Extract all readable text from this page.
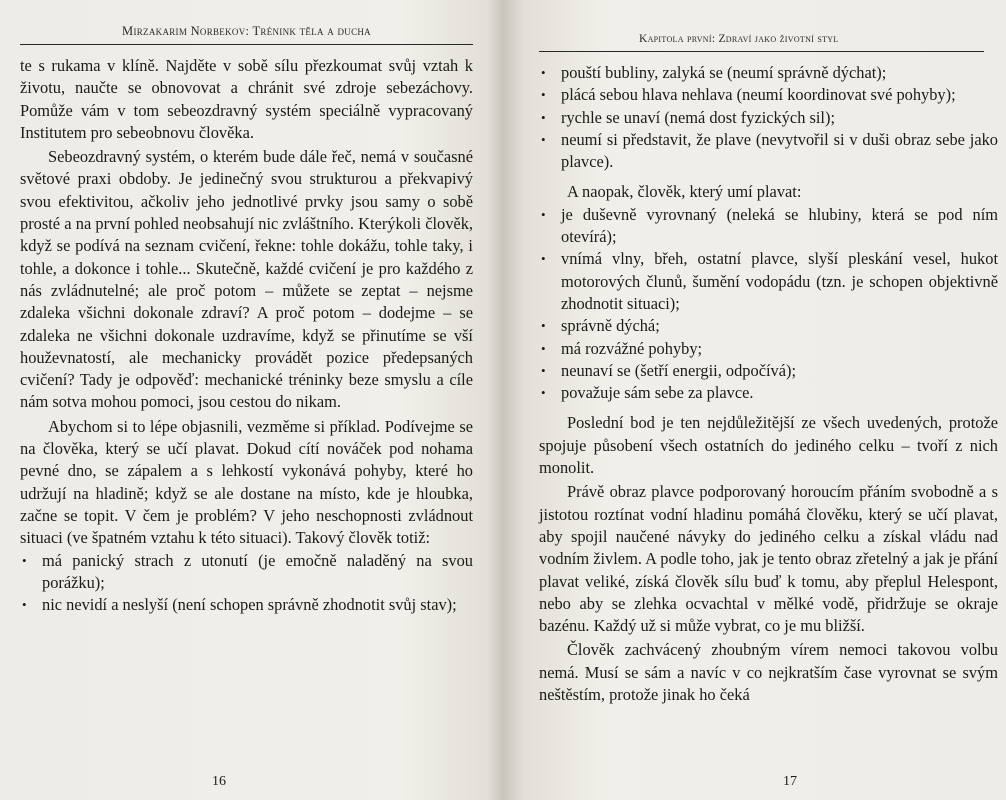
Mirzakarim Norbekov: Trénink těla a ducha

te s rukama v klíně. Najděte v sobě sílu přezkoumat svůj vztah k životu, naučte se obnovovat a chránit své zdroje sebezáchovy. Pomůže vám v tom sebeozdravný systém speciálně vypracovaný Institutem pro sebeobnovu člověka.

Sebeozdravný systém, o kterém bude dále řeč, nemá v současné světové praxi obdoby. Je jedinečný svou strukturou a překvapivý svou efektivitou, ačkoliv jeho jednotlivé prvky jsou samy o sobě prosté a na první pohled neobsahují nic zvláštního. Kterýkoli člověk, když se podívá na seznam cvičení, řekne: tohle dokážu, tohle taky, i tohle, a dokonce i tohle... Skutečně, každé cvičení je pro každého z nás zvládnutelné; ale proč potom – můžete se zeptat – nejsme zdaleka všichni dokonale zdraví? A proč potom – dodejme – se zdaleka ne všichni dokonale uzdravíme, když se přinutíme se vší houževnatostí, ale mechanicky provádět pozice předepsaných cvičení? Tady je odpověď: mechanické tréninky beze smyslu a cíle nám sotva mohou pomoci, jsou cestou do nikam.

Abychom si to lépe objasnili, vezměme si příklad. Podívejme se na člověka, který se učí plavat. Dokud cítí nováček pod nohama pevné dno, se zápalem a s lehkostí vykonává pohyby, které ho udržují na hladině; když se ale dostane na místo, kde je hloubka, začne se topit. V čem je problém? V jeho neschopnosti zvládnout situaci (ve špatném vztahu k této situaci). Takový člověk totiž:

• má panický strach z utonutí (je emočně naladěný na svou porážku);
• nic nevidí a neslyší (není schopen správně zhodnotit svůj stav);
16
Kapitola první: Zdraví jako životní styl
• pouští bubliny, zalyká se (neumí správně dýchat);
• plácá sebou hlava nehlava (neumí koordinovat své pohyby);
• rychle se unaví (nemá dost fyzických sil);
• neumí si představit, že plave (nevytvořil si v duši obraz sebe jako plavce).

A naopak, člověk, který umí plavat:

• je duševně vyrovnaný (neleká se hlubiny, která se pod ním otevírá);
• vnímá vlny, břeh, ostatní plavce, slyší pleskání vesel, hukot motorových člunů, šumění vodopádu (tzn. je schopen objektivně zhodnotit situaci);
• správně dýchá;
• má rozvážné pohyby;
• neunaví se (šetří energii, odpočívá);
• považuje sám sebe za plavce.

Poslední bod je ten nejdůležitější ze všech uvedených, protože spojuje působení všech ostatních do jediného celku – tvoří z nich monolit.

Právě obraz plavce podporovaný horoucím přáním svobodně a s jistotou roztínat vodní hladinu pomáhá člověku, který se učí plavat, aby spojil naučené návyky do jediného celku a získal vládu nad vodním živlem. A podle toho, jak je tento obraz zřetelný a jak je přání plavat veliké, získá člověk sílu buď k tomu, aby přeplul Helespont, nebo aby se zlehka ocvachtal v mělké vodě, přidržuje se okraje bazénu. Každý už si může vybrat, co je mu bližší.

Člověk zachvácený zhoubným vírem nemoci takovou volbu nemá. Musí se sám a navíc v co nejkratším čase vyrovnat se svým neštěstím, protože jinak ho čeká

17
